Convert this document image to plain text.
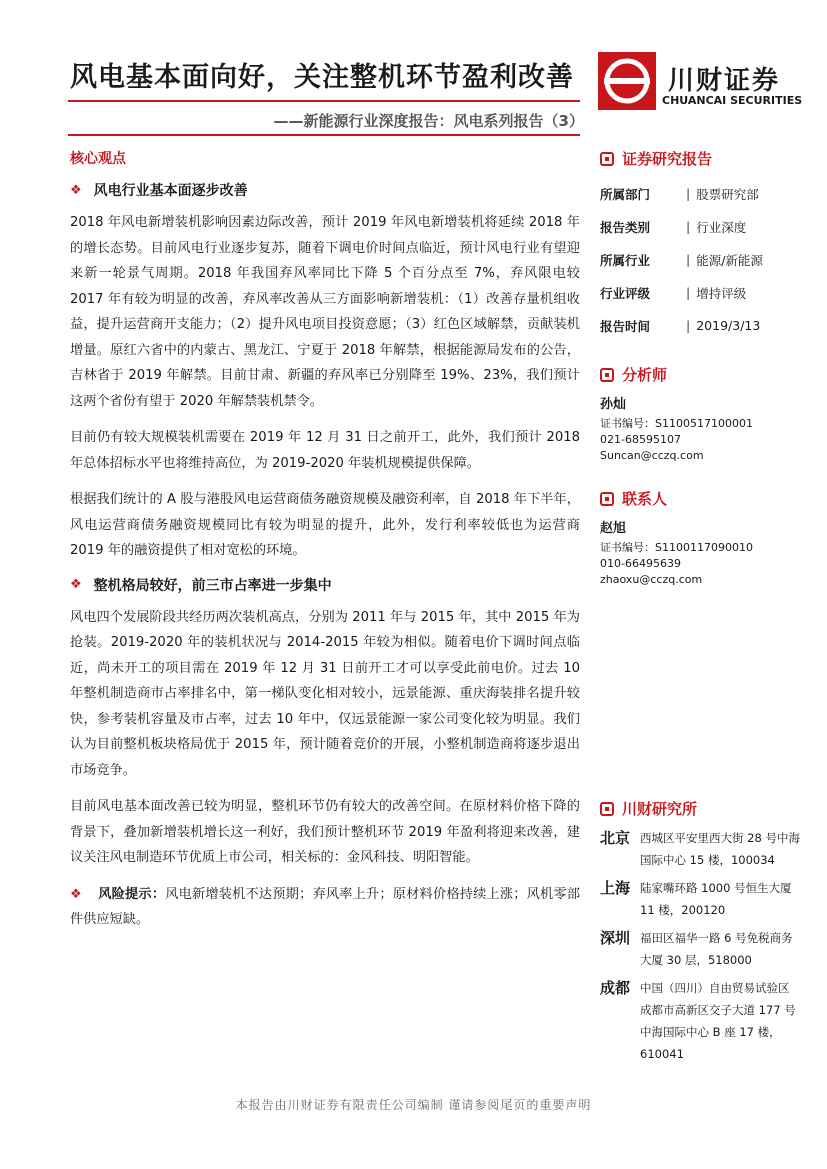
风电基本面向好，关注整机环节盈利改善
——新能源行业深度报告：风电系列报告（3）
川财证券
CHUANCAI SECURITIES
核心观点
❖ 风电行业基本面逐步改善

2018 年风电新增装机影响因素边际改善，预计 2019 年风电新增装机将延续 2018 年的增长态势。目前风电行业逐步复苏，随着下调电价时间点临近，预计风电行业有望迎来新一轮景气周期。2018 年我国弃风率同比下降 5 个百分点至 7%，弃风限电较 2017 年有较为明显的改善，弃风率改善从三方面影响新增装机：（1）改善存量机组收益，提升运营商开支能力；（2）提升风电项目投资意愿；（3）红色区域解禁，贡献装机增量。原红六省中的内蒙古、黑龙江、宁夏于 2018 年解禁，根据能源局发布的公告，吉林省于 2019 年解禁。目前甘肃、新疆的弃风率已分别降至 19%、23%，我们预计这两个省份有望于 2020 年解禁装机禁令。

目前仍有较大规模装机需要在 2019 年 12 月 31 日之前开工，此外，我们预计 2018 年总体招标水平也将维持高位，为 2019-2020 年装机规模提供保障。

根据我们统计的 A 股与港股风电运营商债务融资规模及融资利率，自 2018 年下半年，风电运营商债务融资规模同比有较为明显的提升，此外，发行利率较低也为运营商 2019 年的融资提供了相对宽松的环境。

❖ 整机格局较好，前三市占率进一步集中

风电四个发展阶段共经历两次装机高点，分别为 2011 年与 2015 年，其中 2015 年为抢装。2019-2020 年的装机状况与 2014-2015 年较为相似。随着电价下调时间点临近，尚未开工的项目需在 2019 年 12 月 31 日前开工才可以享受此前电价。过去 10 年整机制造商市占率排名中，第一梯队变化相对较小，远景能源、重庆海装排名提升较快，参考装机容量及市占率，过去 10 年中，仅远景能源一家公司变化较为明显。我们认为目前整机板块格局优于 2015 年，预计随着竞价的开展，小整机制造商将逐步退出市场竞争。

目前风电基本面改善已较为明显，整机环节仍有较大的改善空间。在原材料价格下降的背景下，叠加新增装机增长这一利好，我们预计整机环节 2019 年盈利将迎来改善，建议关注风电制造环节优质上市公司，相关标的：金风科技、明阳智能。

❖ 风险提示：风电新增装机不达预期；弃风率上升；原材料价格持续上涨；风机零部件供应短缺。

证券研究报告
所属部门	| 股票研究部
报告类别	| 行业深度
所属行业	| 能源/新能源
行业评级	| 增持评级
报告时间	| 2019/3/13
分析师
孙灿
证书编号：S1100517100001
021-68595107
Suncan@cczq.com
联系人
赵旭
证书编号：S1100117090010
010-66495639
zhaoxu@cczq.com
川财研究所
北京 西城区平安里西大街 28 号中海国际中心 15 楼，100034
上海 陆家嘴环路 1000 号恒生大厦 11 楼，200120
深圳 福田区福华一路 6 号免税商务大厦 30 层，518000
成都 中国（四川）自由贸易试验区成都市高新区交子大道 177 号中海国际中心 B 座 17 楼，610041
本报告由川财证券有限责任公司编制 谨请参阅尾页的重要声明
